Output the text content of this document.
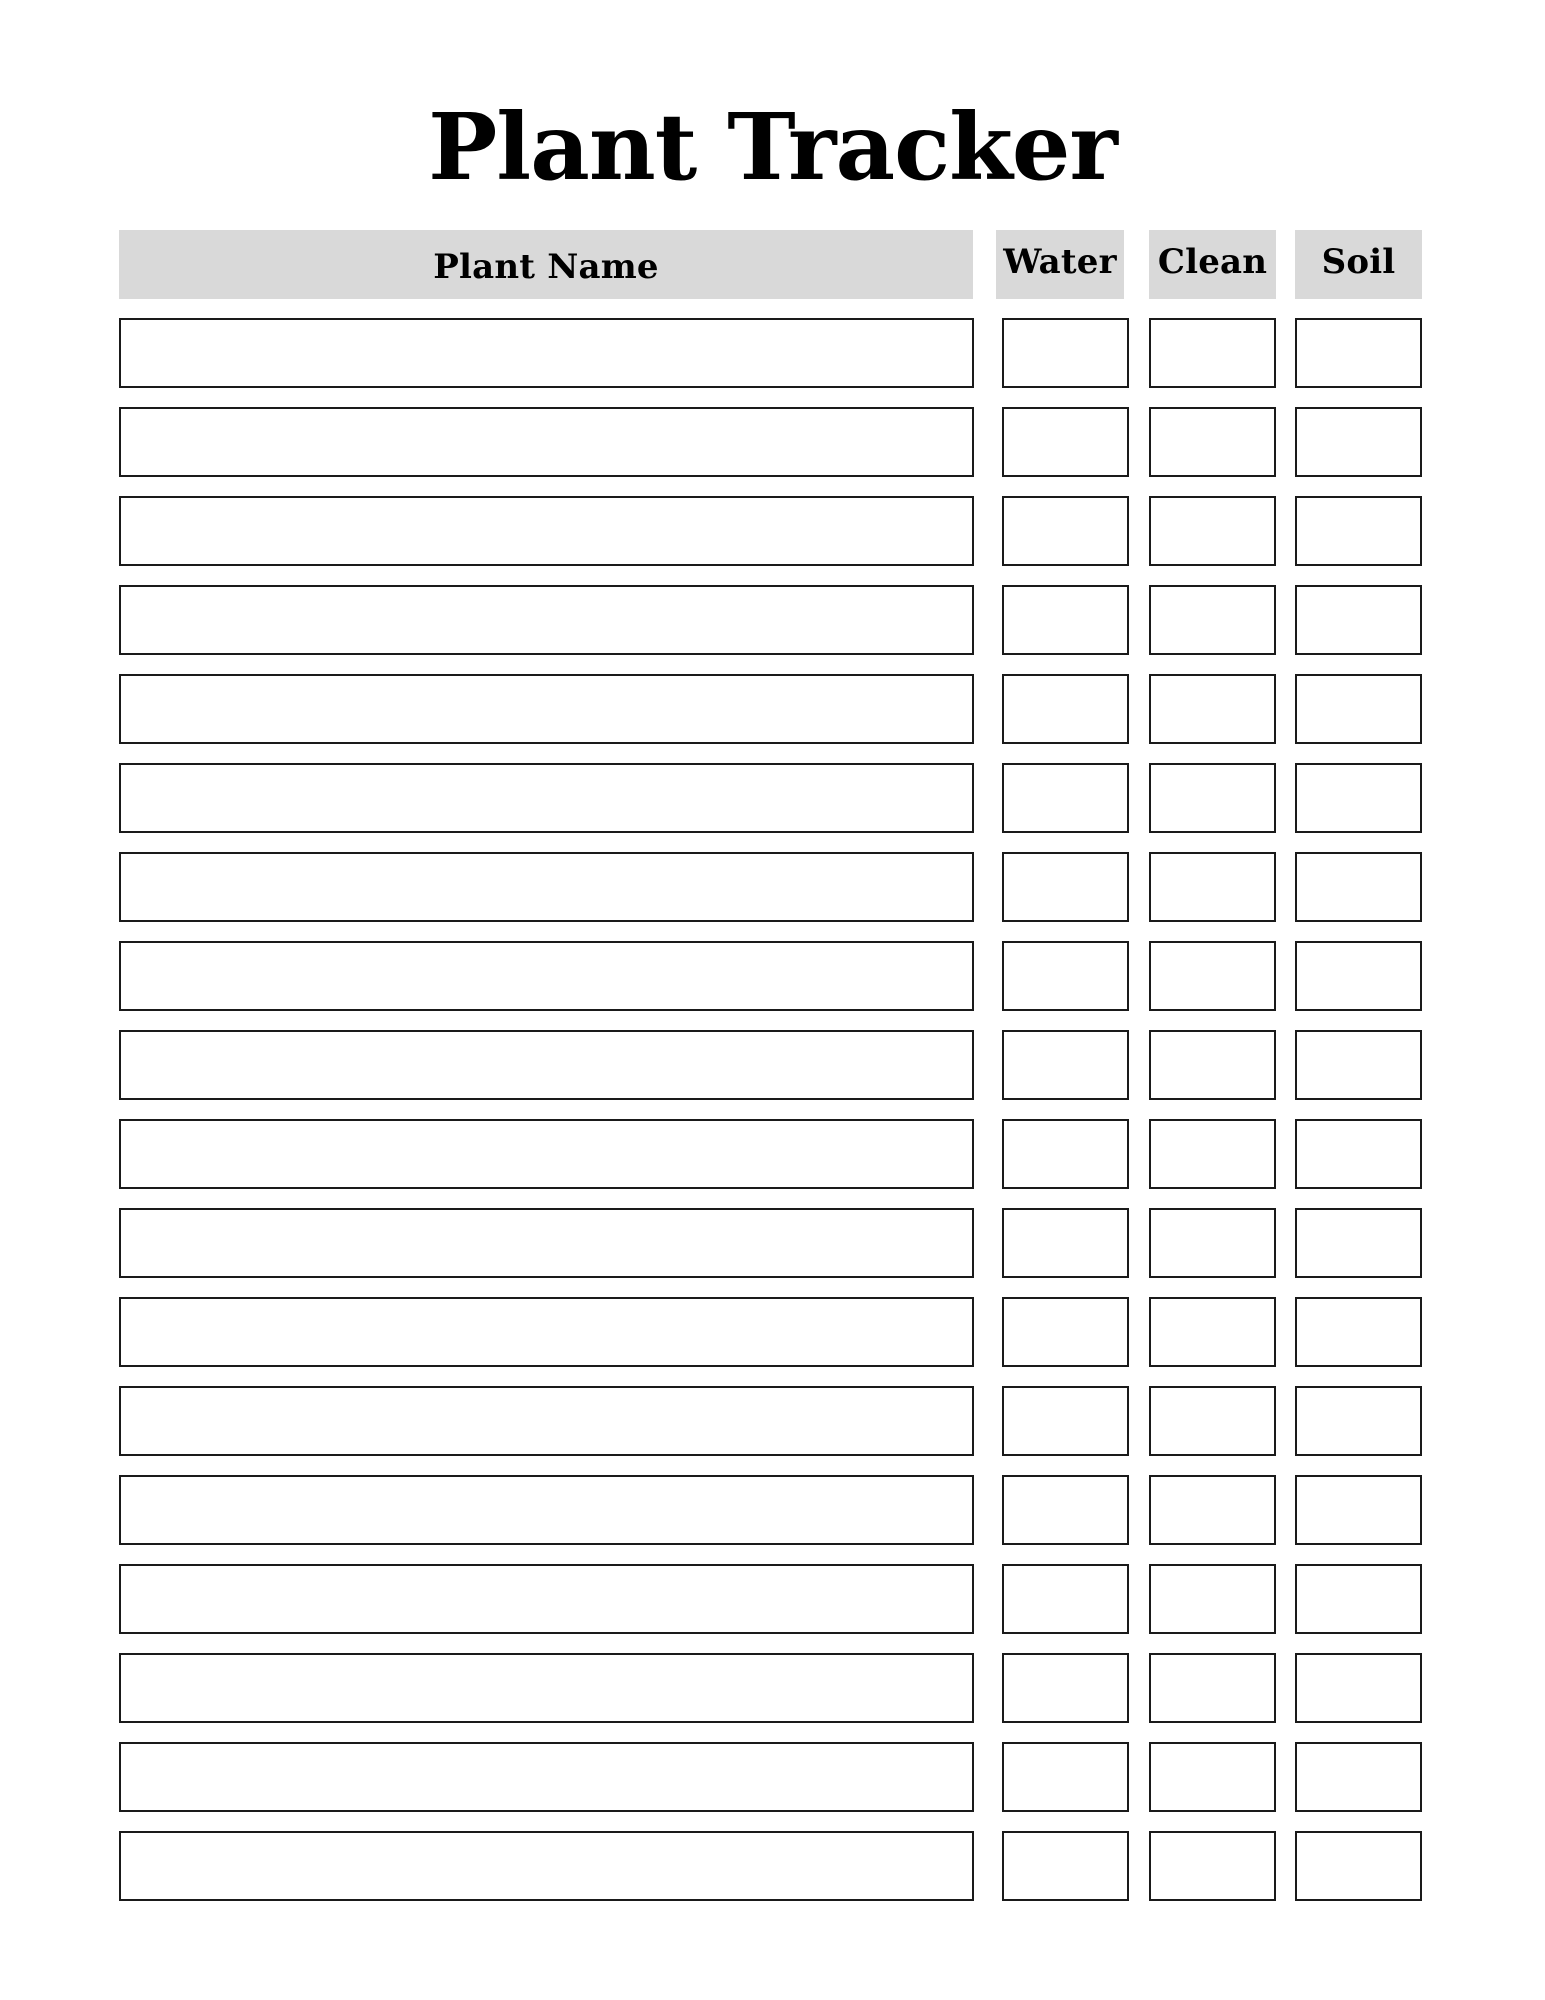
Plant Tracker
Plant Name	Water Clean	Soil
